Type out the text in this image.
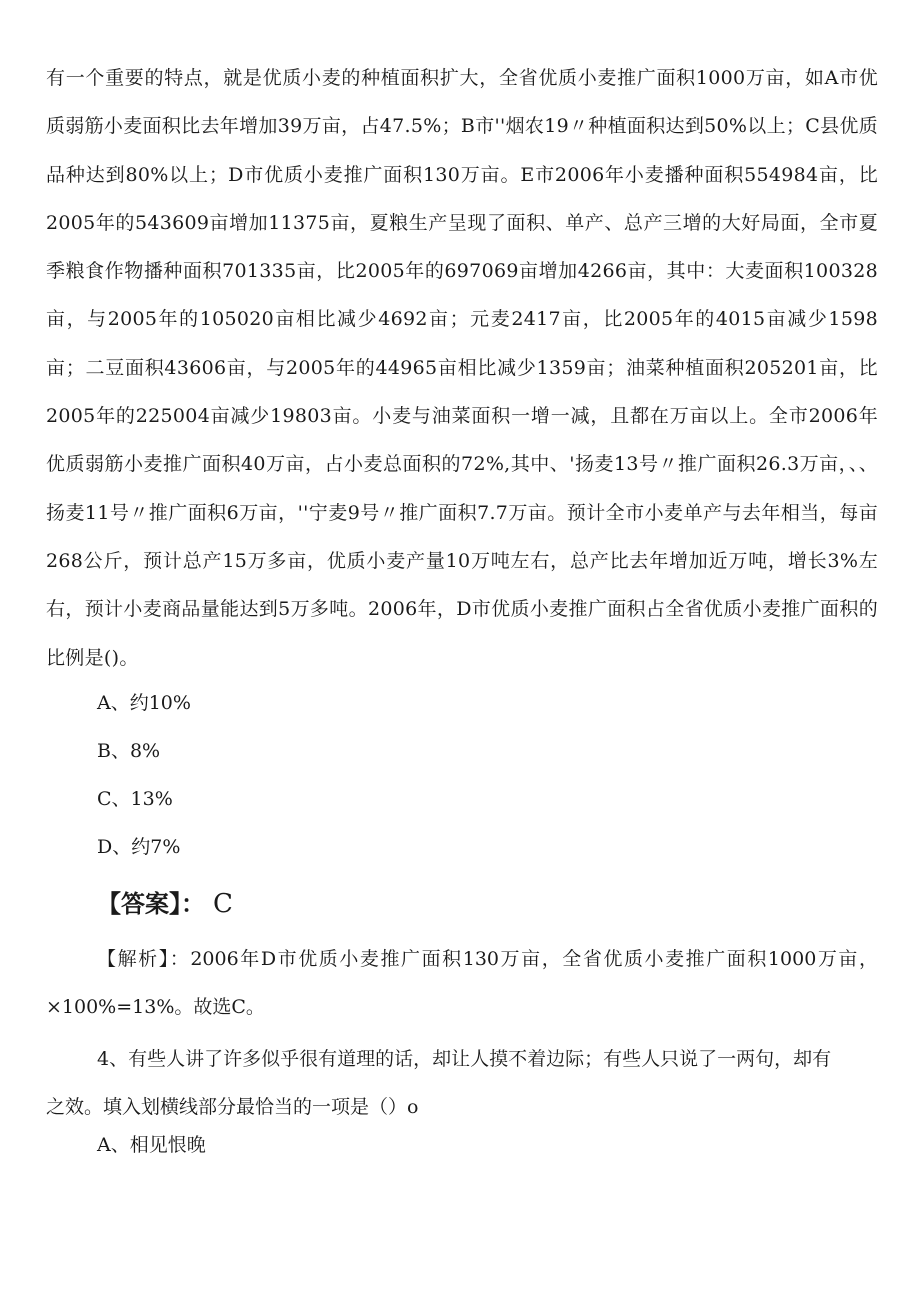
有一个重要的特点，就是优质小麦的种植面积扩大，全省优质小麦推广面积1000万亩，如A市优质弱筋小麦面积比去年增加39万亩，占47.5%；B市''烟农19〃种植面积达到50%以上；C县优质品种达到80%以上；D市优质小麦推广面积130万亩。E市2006年小麦播种面积554984亩，比2005年的543609亩增加11375亩，夏粮生产呈现了面积、单产、总产三增的大好局面，全市夏季粮食作物播种面积701335亩，比2005年的697069亩增加4266亩，其中：大麦面积100328亩，与2005年的105020亩相比减少4692亩；元麦2417亩，比2005年的4015亩减少1598亩；二豆面积43606亩，与2005年的44965亩相比减少1359亩；油菜种植面积205201亩，比2005年的225004亩减少19803亩。小麦与油菜面积一增一减，且都在万亩以上。全市2006年优质弱筋小麦推广面积40万亩，占小麦总面积的72%,其中、'扬麦13号〃推广面积26.3万亩，、、扬麦11号〃推广面积6万亩，''宁麦9号〃推广面积7.7万亩。预计全市小麦单产与去年相当，每亩268公斤，预计总产15万多亩，优质小麦产量10万吨左右，总产比去年增加近万吨，增长3%左右，预计小麦商品量能达到5万多吨。2006年，D市优质小麦推广面积占全省优质小麦推广面积的比例是()。

A、约10%

B、8%

C、13%

D、约7%

【答案】： C

【解析】：2006年D市优质小麦推广面积130万亩，全省优质小麦推广面积1000万亩，×100%=13%。故选C。

4、有些人讲了许多似乎很有道理的话，却让人摸不着边际；有些人只说了一两句，却有之效。填入划横线部分最恰当的一项是（）o

A、相见恨晚
